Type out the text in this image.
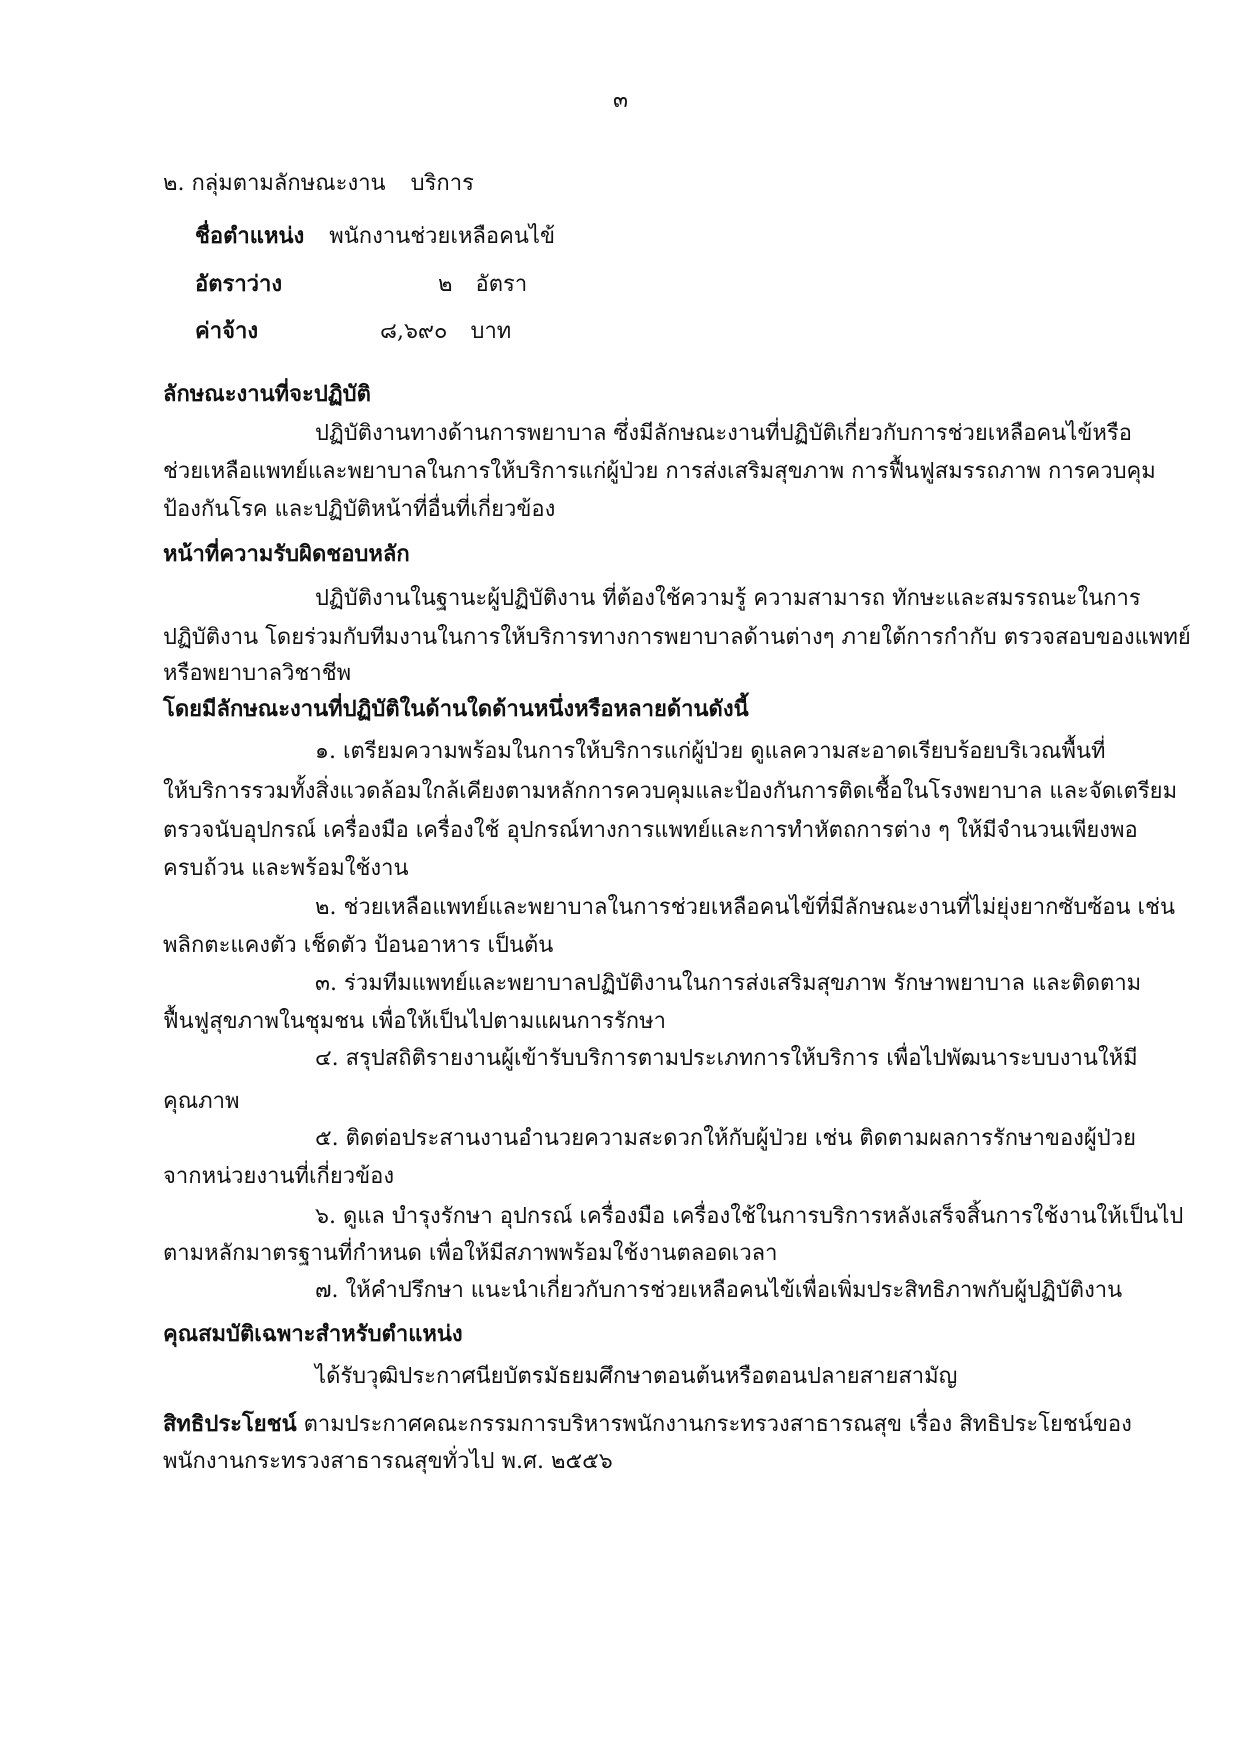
๓
๒. กลุ่มตามลักษณะงาน บริการ
ชื่อตำแหน่ง พนักงานช่วยเหลือคนไข้
อัตราว่าง	๒ อัตรา
ค่าจ้าง	๘,๖๙๐ บาท
ลักษณะงานที่จะปฏิบัติ
ปฏิบัติงานทางด้านการพยาบาล ซึ่งมีลักษณะงานที่ปฏิบัติเกี่ยวกับการช่วยเหลือคนไข้หรือ
ช่วยเหลือแพทย์และพยาบาลในการให้บริการแก่ผู้ป่วย การส่งเสริมสุขภาพ การฟื้นฟูสมรรถภาพ การควบคุม
ป้องกันโรค และปฏิบัติหน้าที่อื่นที่เกี่ยวข้อง
หน้าที่ความรับผิดชอบหลัก
ปฏิบัติงานในฐานะผู้ปฏิบัติงาน ที่ต้องใช้ความรู้ ความสามารถ ทักษะและสมรรถนะในการ
ปฏิบัติงาน โดยร่วมกับทีมงานในการให้บริการทางการพยาบาลด้านต่างๆ ภายใต้การกำกับ ตรวจสอบของแพทย์
หรือพยาบาลวิชาชีพ
โดยมีลักษณะงานที่ปฏิบัติในด้านใดด้านหนึ่งหรือหลายด้านดังนี้
๑. เตรียมความพร้อมในการให้บริการแก่ผู้ป่วย ดูแลความสะอาดเรียบร้อยบริเวณพื้นที่
ให้บริการรวมทั้งสิ่งแวดล้อมใกล้เคียงตามหลักการควบคุมและป้องกันการติดเชื้อในโรงพยาบาล และจัดเตรียม
ตรวจนับอุปกรณ์ เครื่องมือ เครื่องใช้ อุปกรณ์ทางการแพทย์และการทำหัตถการต่าง ๆ ให้มีจำนวนเพียงพอ
ครบถ้วน และพร้อมใช้งาน
๒. ช่วยเหลือแพทย์และพยาบาลในการช่วยเหลือคนไข้ที่มีลักษณะงานที่ไม่ยุ่งยากซับซ้อน เช่น
พลิกตะแคงตัว เช็ดตัว ป้อนอาหาร เป็นต้น
๓. ร่วมทีมแพทย์และพยาบาลปฏิบัติงานในการส่งเสริมสุขภาพ รักษาพยาบาล และติดตาม
ฟื้นฟูสุขภาพในชุมชน เพื่อให้เป็นไปตามแผนการรักษา
๔. สรุปสถิติรายงานผู้เข้ารับบริการตามประเภทการให้บริการ เพื่อไปพัฒนาระบบงานให้มี
คุณภาพ
๕. ติดต่อประสานงานอำนวยความสะดวกให้กับผู้ป่วย เช่น ติดตามผลการรักษาของผู้ป่วย
จากหน่วยงานที่เกี่ยวข้อง
๖. ดูแล บำรุงรักษา อุปกรณ์ เครื่องมือ เครื่องใช้ในการบริการหลังเสร็จสิ้นการใช้งานให้เป็นไป
ตามหลักมาตรฐานที่กำหนด เพื่อให้มีสภาพพร้อมใช้งานตลอดเวลา
๗. ให้คำปรึกษา แนะนำเกี่ยวกับการช่วยเหลือคนไข้เพื่อเพิ่มประสิทธิภาพกับผู้ปฏิบัติงาน
คุณสมบัติเฉพาะสำหรับตำแหน่ง
ได้รับวุฒิประกาศนียบัตรมัธยมศึกษาตอนต้นหรือตอนปลายสายสามัญ
สิทธิประโยชน์ ตามประกาศคณะกรรมการบริหารพนักงานกระทรวงสาธารณสุข เรื่อง สิทธิประโยชน์ของ
พนักงานกระทรวงสาธารณสุขทั่วไป พ.ศ. ๒๕๕๖
